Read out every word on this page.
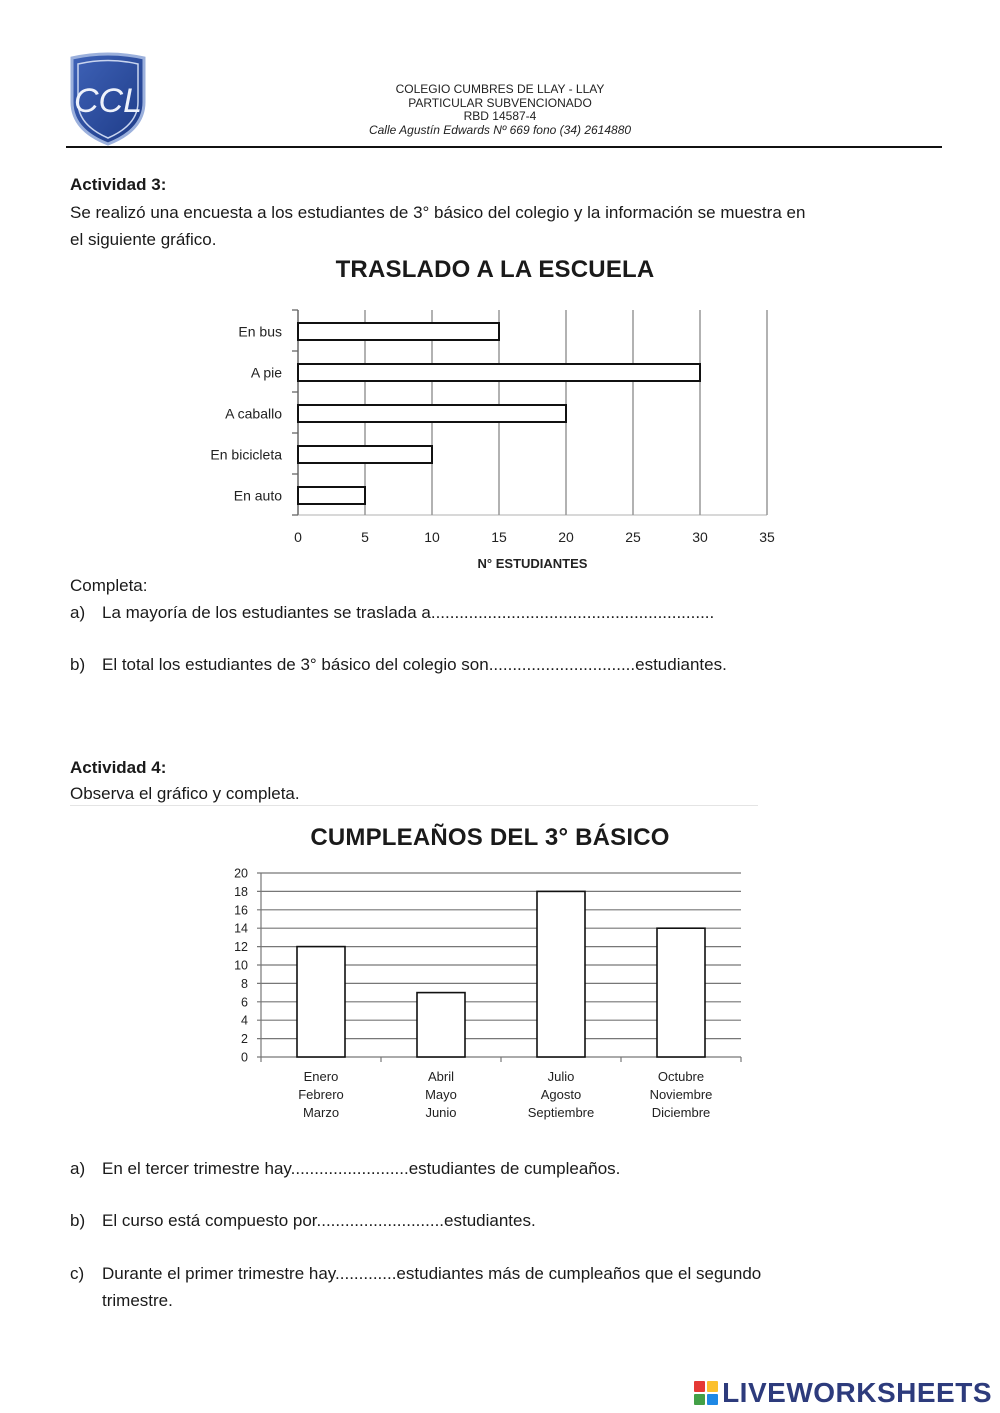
CCL	COLEGIO CUMBRES DE LLAY - LLAY
PARTICULAR SUBVENCIONADO
RBD 14587-4
Calle Agustín Edwards Nº 669 fono (34) 2614880
Actividad 3:
Se realizó una encuesta a los estudiantes de 3° básico del colegio y la información se muestra en
el siguiente gráfico.
TRASLADO A LA ESCUELA
0	5	10	15	20	25	30	35
En bus
A pie
A caballo
En bicicleta
En auto
N° ESTUDIANTES
Completa:
a) La mayoría de los estudiantes se traslada a............................................................
b) El total los estudiantes de 3° básico del colegio son...............................estudiantes.
Actividad 4:
Observa el gráfico y completa.
CUMPLEAÑOS DEL 3° BÁSICO
0
2
4
6
8
10
12
14
16
18
20
Enero
Febrero
Marzo
Abril
Mayo
Junio
Julio
Agosto
Septiembre
Octubre
Noviembre
Diciembre
a) En el tercer trimestre hay.........................estudiantes de cumpleaños.
b) El curso está compuesto por...........................estudiantes.
c) Durante el primer trimestre hay.............estudiantes más de cumpleaños que el segundo
trimestre.
LIVEWORKSHEETS
